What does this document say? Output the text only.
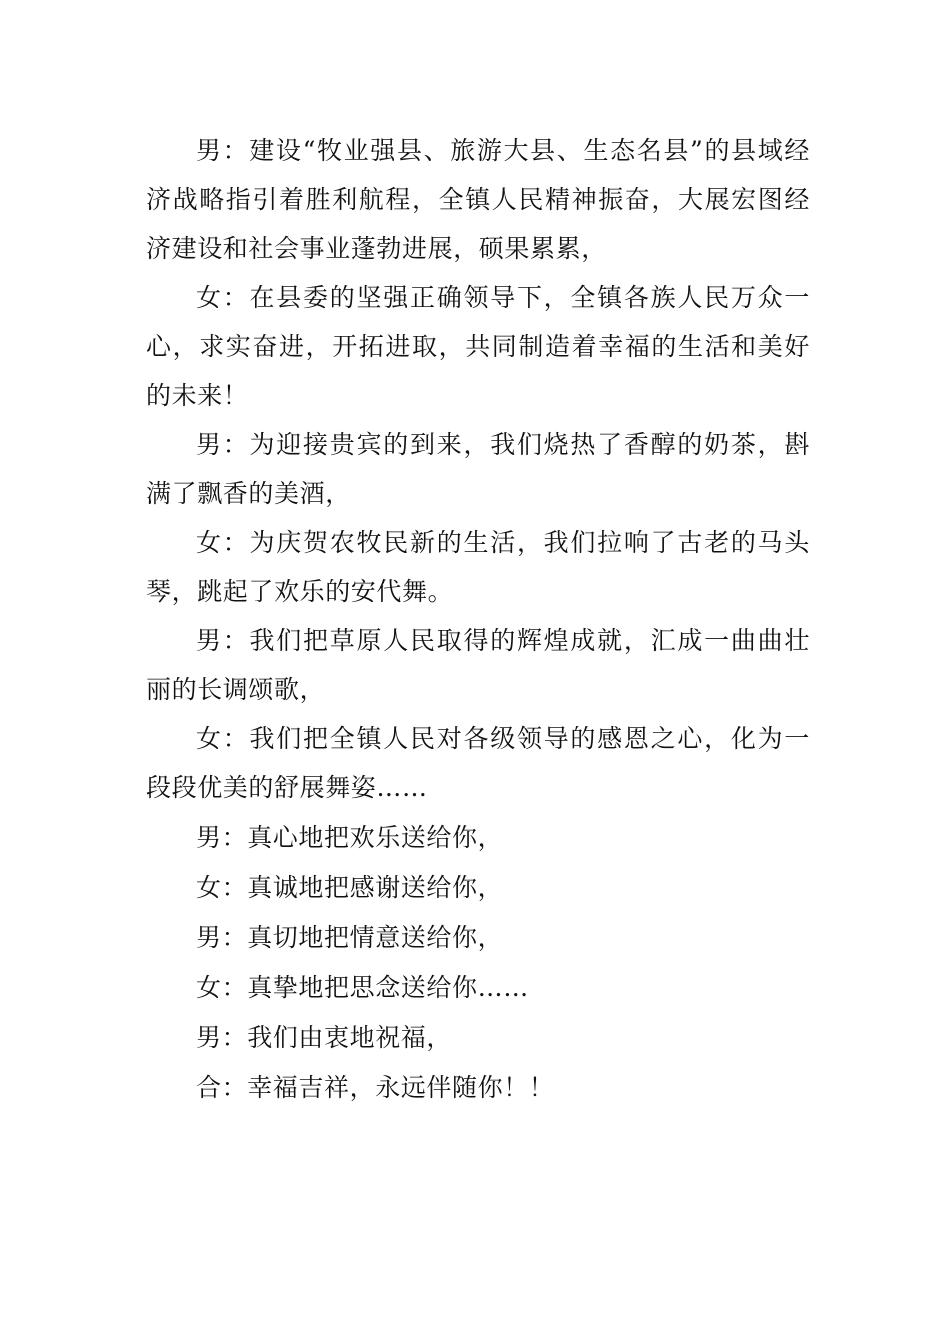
男：建设“牧业强县、旅游大县、生态名县”的县域经济战略指引着胜利航程，全镇人民精神振奋，大展宏图经济建设和社会事业蓬勃进展，硕果累累，

女：在县委的坚强正确领导下，全镇各族人民万众一心，求实奋进，开拓进取，共同制造着幸福的生活和美好的未来！

男：为迎接贵宾的到来，我们烧热了香醇的奶茶，斟满了飘香的美酒，

女：为庆贺农牧民新的生活，我们拉响了古老的马头琴，跳起了欢乐的安代舞。

男：我们把草原人民取得的辉煌成就，汇成一曲曲壮丽的长调颂歌，

女：我们把全镇人民对各级领导的感恩之心，化为一段段优美的舒展舞姿……

男：真心地把欢乐送给你，

女：真诚地把感谢送给你，

男：真切地把情意送给你，

女：真挚地把思念送给你……

男：我们由衷地祝福，

合：幸福吉祥，永远伴随你！！
